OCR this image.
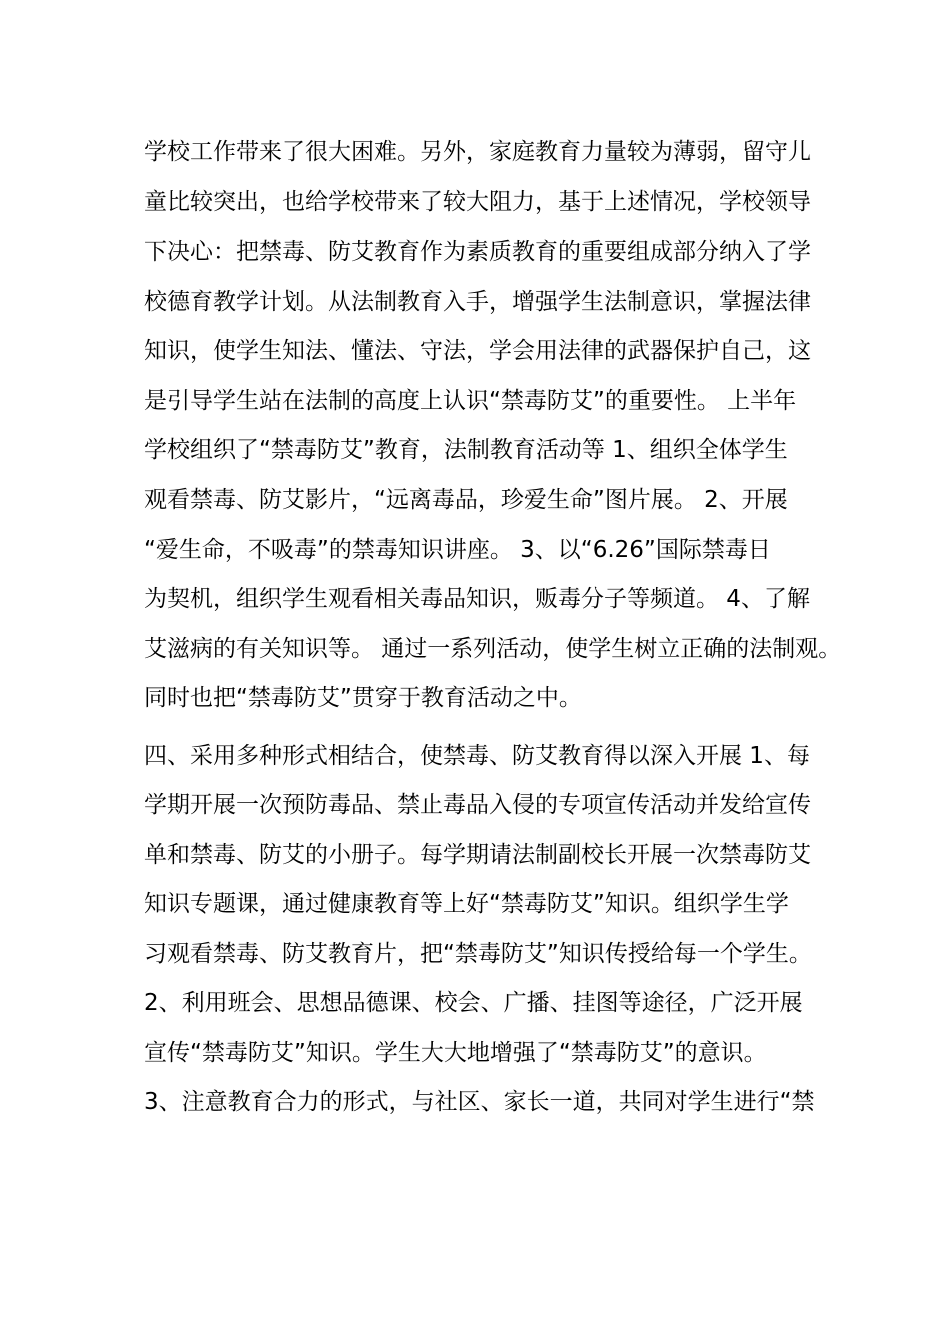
学校工作带来了很大困难。另外，家庭教育力量较为薄弱，留守儿
童比较突出，也给学校带来了较大阻力，基于上述情况，学校领导
下决心：把禁毒、防艾教育作为素质教育的重要组成部分纳入了学
校德育教学计划。从法制教育入手，增强学生法制意识，掌握法律
知识，使学生知法、懂法、守法，学会用法律的武器保护自己，这
是引导学生站在法制的高度上认识“禁毒防艾”的重要性。 上半年
学校组织了“禁毒防艾”教育，法制教育活动等 1、组织全体学生
观看禁毒、防艾影片，“远离毒品，珍爱生命”图片展。 2、开展
“爱生命，不吸毒”的禁毒知识讲座。 3、以“6.26”国际禁毒日
为契机，组织学生观看相关毒品知识，贩毒分子等频道。 4、了解
艾滋病的有关知识等。 通过一系列活动，使学生树立正确的法制观。
同时也把“禁毒防艾”贯穿于教育活动之中。
四、采用多种形式相结合，使禁毒、防艾教育得以深入开展 1、每
学期开展一次预防毒品、禁止毒品入侵的专项宣传活动并发给宣传
单和禁毒、防艾的小册子。每学期请法制副校长开展一次禁毒防艾
知识专题课，通过健康教育等上好“禁毒防艾”知识。组织学生学
习观看禁毒、防艾教育片，把“禁毒防艾”知识传授给每一个学生。
2、利用班会、思想品德课、校会、广播、挂图等途径，广泛开展
宣传“禁毒防艾”知识。学生大大地增强了“禁毒防艾”的意识。
3、注意教育合力的形式，与社区、家长一道，共同对学生进行“禁
